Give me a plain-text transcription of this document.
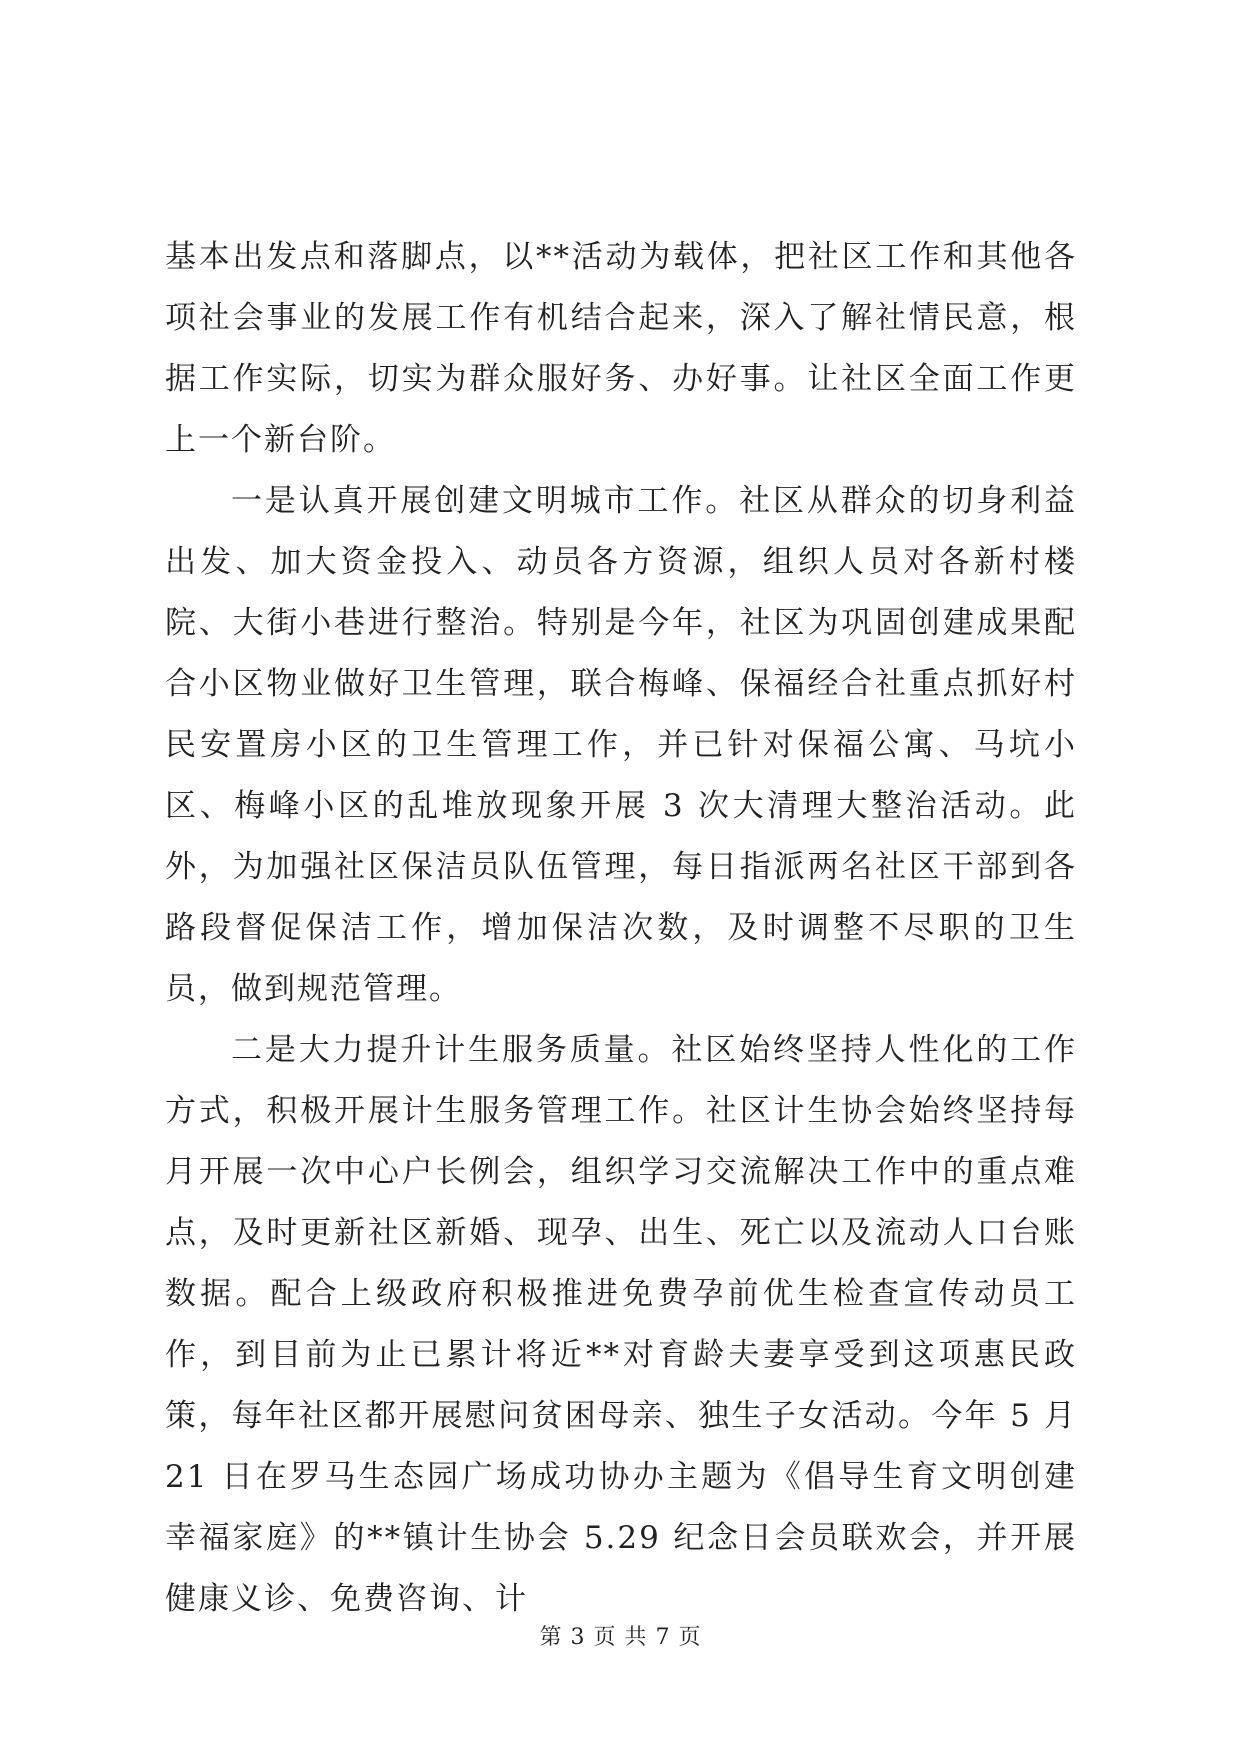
基本出发点和落脚点，以**活动为载体，把社区工作和其他各项社会事业的发展工作有机结合起来，深入了解社情民意，根据工作实际，切实为群众服好务、办好事。让社区全面工作更上一个新台阶。

一是认真开展创建文明城市工作。社区从群众的切身利益出发、加大资金投入、动员各方资源，组织人员对各新村楼院、大街小巷进行整治。特别是今年，社区为巩固创建成果配合小区物业做好卫生管理，联合梅峰、保福经合社重点抓好村民安置房小区的卫生管理工作，并已针对保福公寓、马坑小区、梅峰小区的乱堆放现象开展 3 次大清理大整治活动。此外，为加强社区保洁员队伍管理，每日指派两名社区干部到各路段督促保洁工作，增加保洁次数，及时调整不尽职的卫生员，做到规范管理。

二是大力提升计生服务质量。社区始终坚持人性化的工作方式，积极开展计生服务管理工作。社区计生协会始终坚持每月开展一次中心户长例会，组织学习交流解决工作中的重点难点，及时更新社区新婚、现孕、出生、死亡以及流动人口台账数据。配合上级政府积极推进免费孕前优生检查宣传动员工作，到目前为止已累计将近**对育龄夫妻享受到这项惠民政策，每年社区都开展慰问贫困母亲、独生子女活动。今年 5 月 21 日在罗马生态园广场成功协办主题为《倡导生育文明创建幸福家庭》的**镇计生协会 5.29 纪念日会员联欢会，并开展健康义诊、免费咨询、计

第 3 页 共 7 页
